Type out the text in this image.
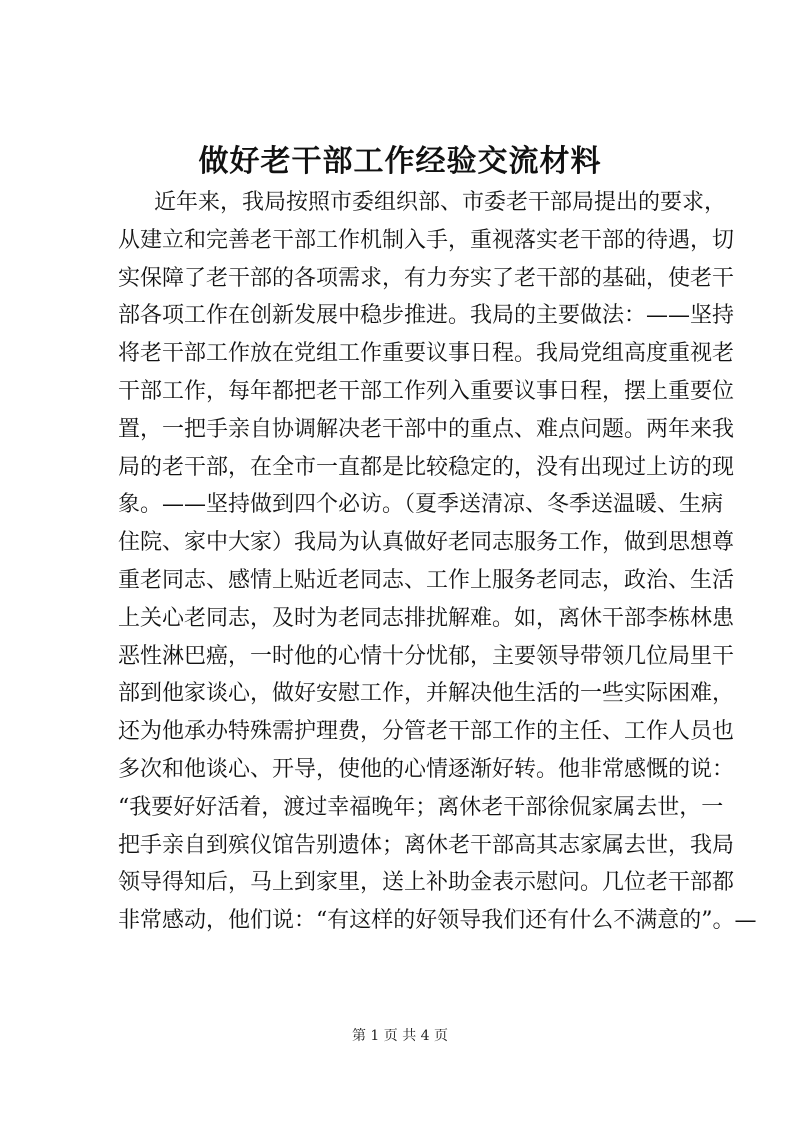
做好老干部工作经验交流材料
近年来，我局按照市委组织部、市委老干部局提出的要求，
从建立和完善老干部工作机制入手，重视落实老干部的待遇，切
实保障了老干部的各项需求，有力夯实了老干部的基础，使老干
部各项工作在创新发展中稳步推进。我局的主要做法：——坚持
将老干部工作放在党组工作重要议事日程。我局党组高度重视老
干部工作，每年都把老干部工作列入重要议事日程，摆上重要位
置，一把手亲自协调解决老干部中的重点、难点问题。两年来我
局的老干部，在全市一直都是比较稳定的，没有出现过上访的现
象。——坚持做到四个必访。（夏季送清凉、冬季送温暖、生病
住院、家中大家）我局为认真做好老同志服务工作，做到思想尊
重老同志、感情上贴近老同志、工作上服务老同志，政治、生活
上关心老同志，及时为老同志排扰解难。如，离休干部李栋林患
恶性淋巴癌，一时他的心情十分忧郁，主要领导带领几位局里干
部到他家谈心，做好安慰工作，并解决他生活的一些实际困难，
还为他承办特殊需护理费，分管老干部工作的主任、工作人员也
多次和他谈心、开导，使他的心情逐渐好转。他非常感慨的说：
“我要好好活着，渡过幸福晚年；离休老干部徐侃家属去世，一
把手亲自到殡仪馆告别遗体；离休老干部高其志家属去世，我局
领导得知后，马上到家里，送上补助金表示慰问。几位老干部都
非常感动，他们说：“有这样的好领导我们还有什么不满意的”。—
第 1 页 共 4 页
